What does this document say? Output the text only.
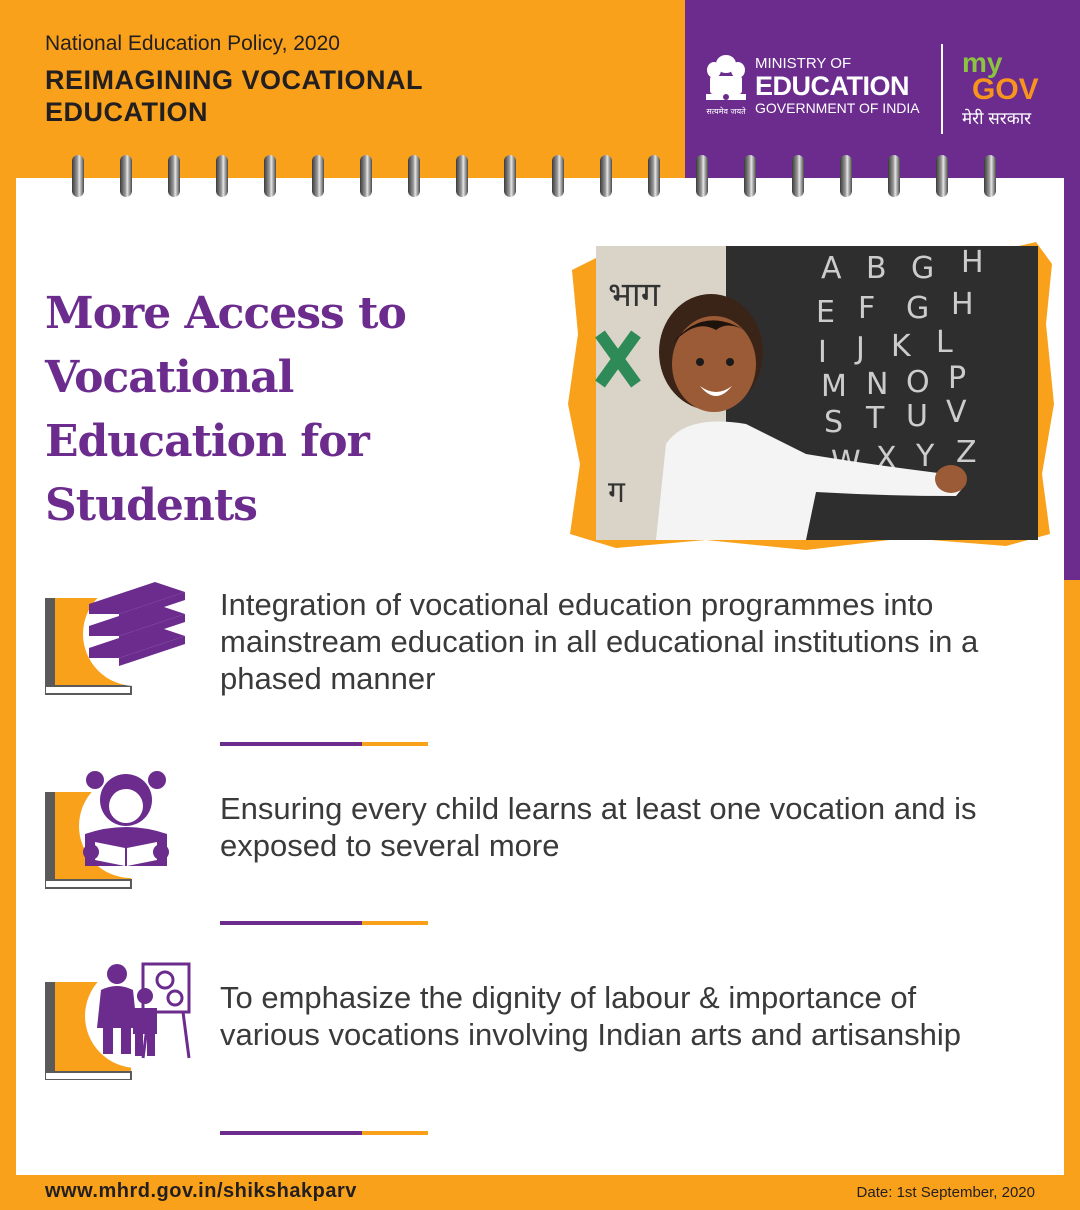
National Education Policy, 2020
REIMAGINING VOCATIONAL EDUCATION	सत्यमेव जयते
MINISTRY OF
EDUCATION
GOVERNMENT OF INDIA
my
GOV
मेरी सरकार
More Access to Vocational Education for Students
भाग
ग
A B G H
E F G H
I J K L
M N O P
S T U V
X Y Z
Integration of vocational education programmes into mainstream education in all educational institutions in a phased manner
Ensuring every child learns at least one vocation and is exposed to several more
To emphasize the dignity of labour & importance of various vocations involving Indian arts and artisanship
www.mhrd.gov.in/shikshakparv	Date: 1st September, 2020
